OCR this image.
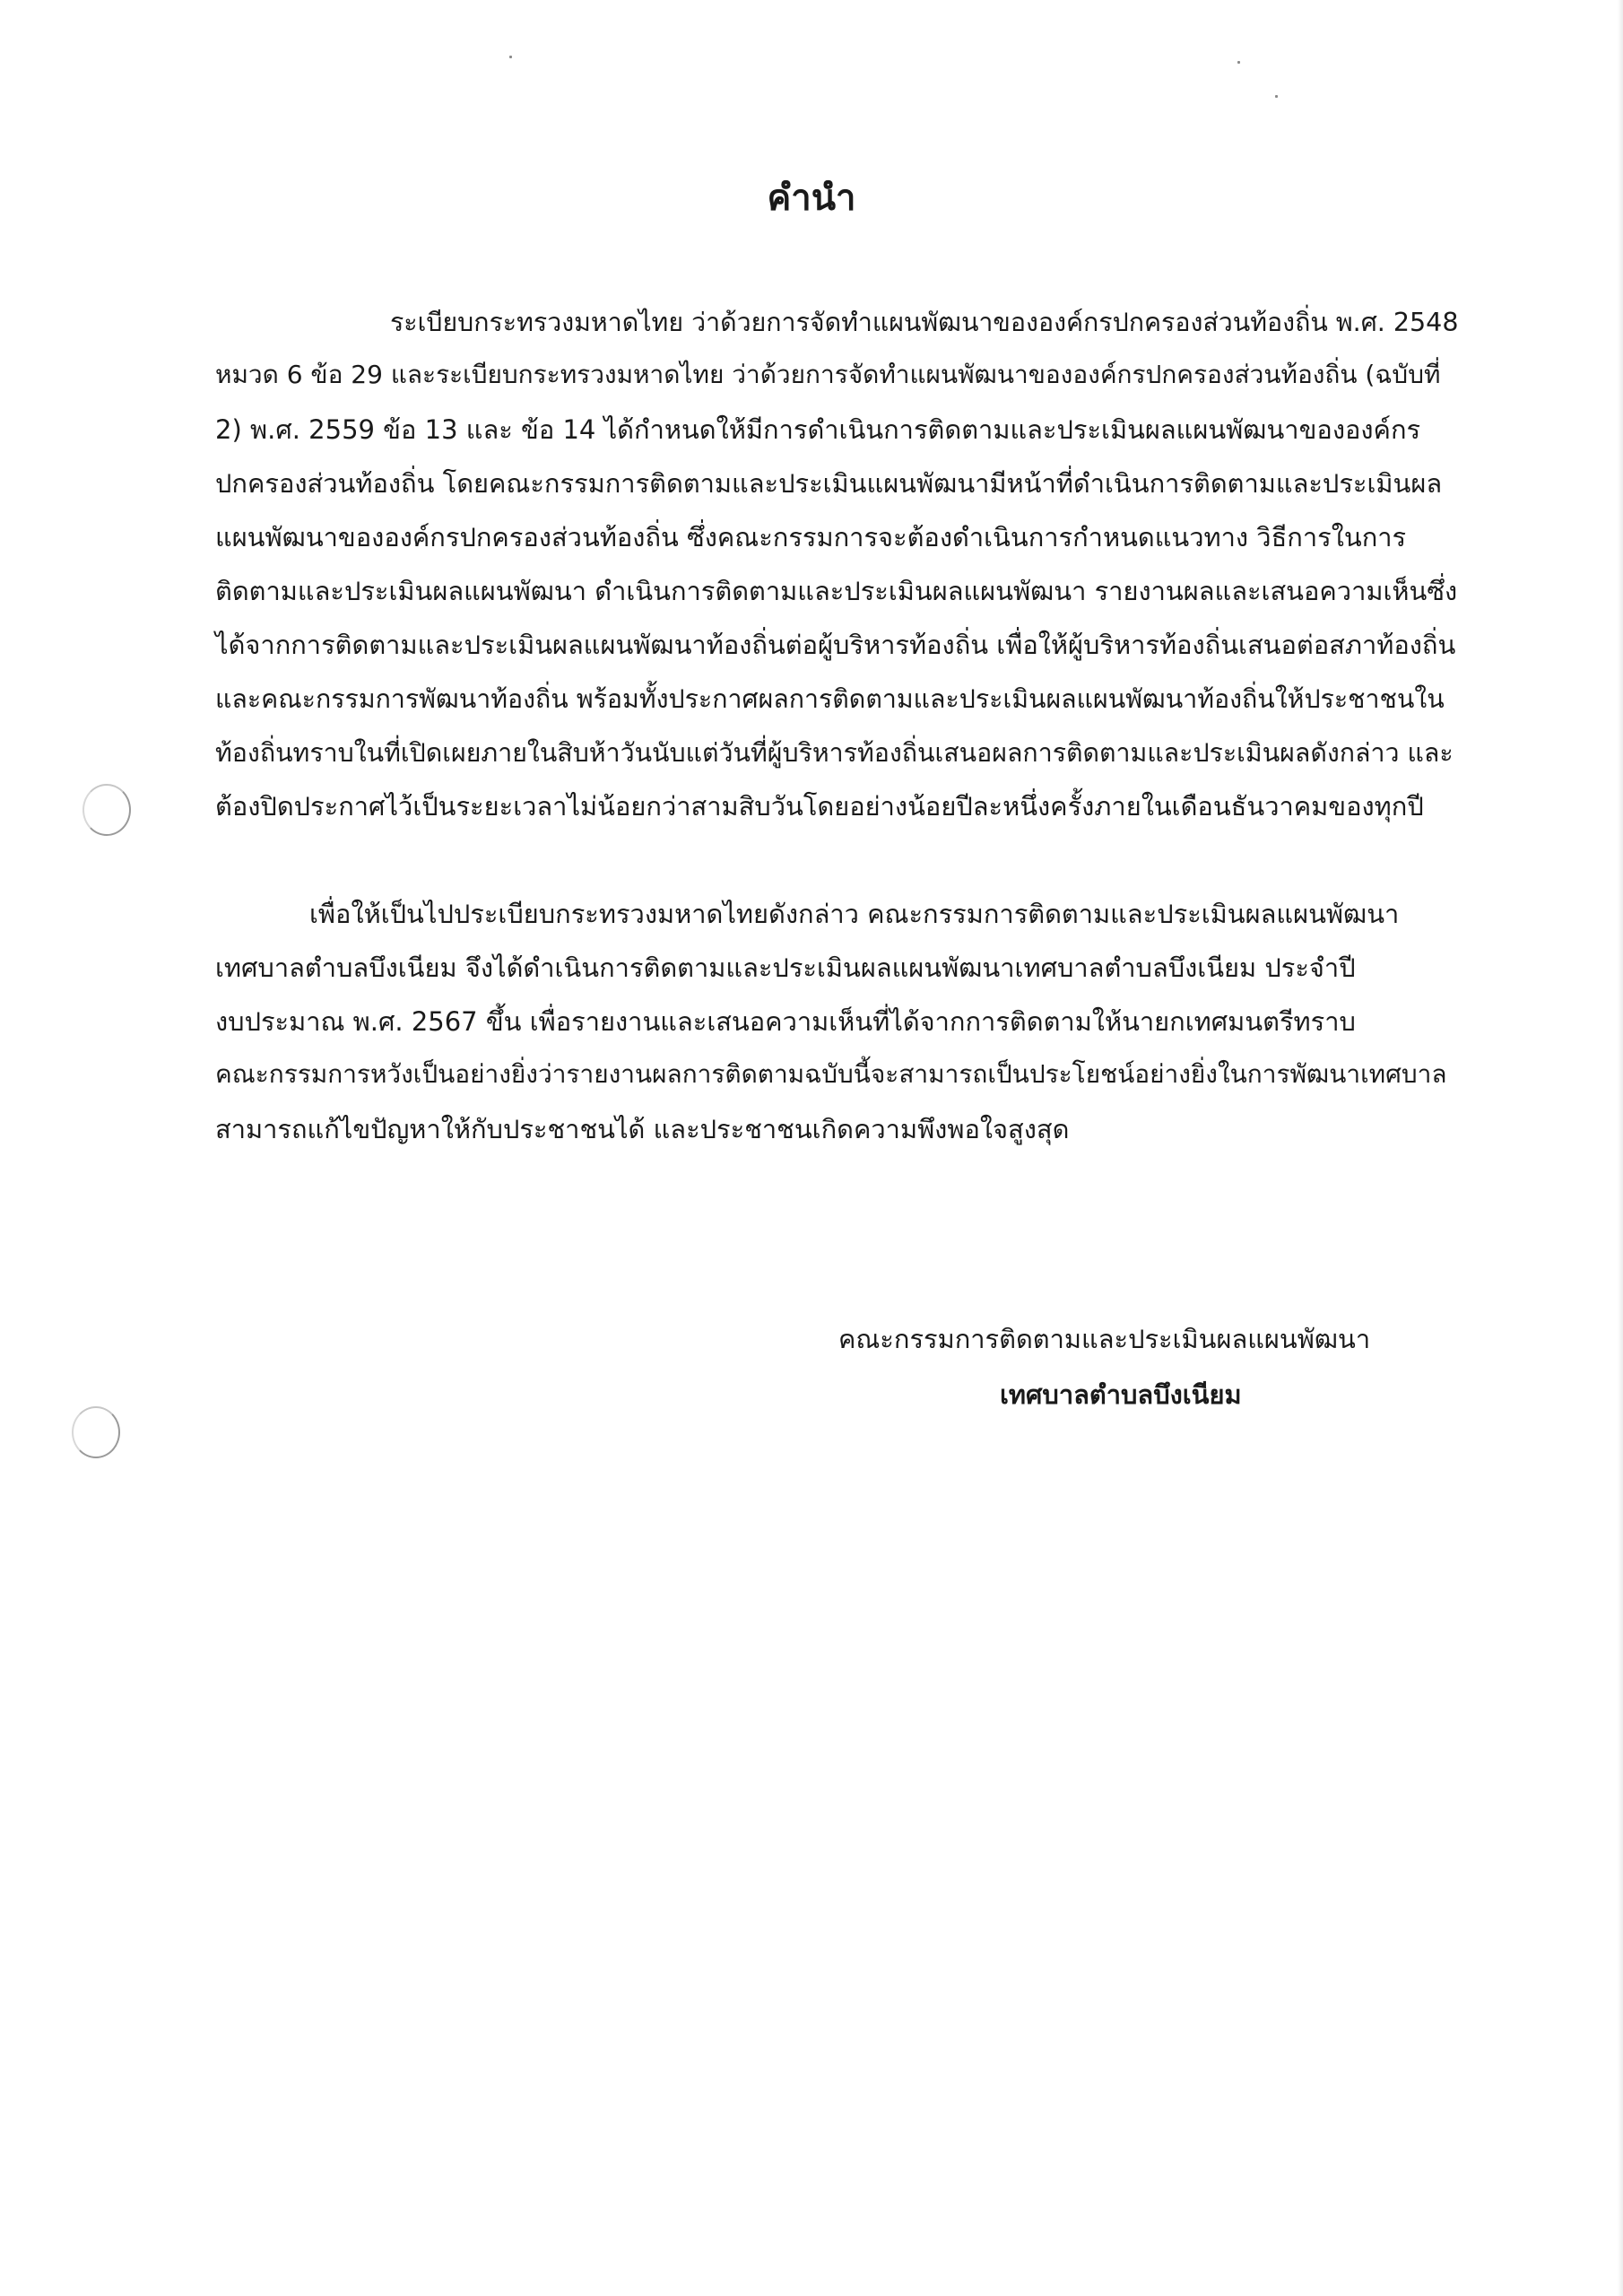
คำนำ
ระเบียบกระทรวงมหาดไทย ว่าด้วยการจัดทำแผนพัฒนาขององค์กรปกครองส่วนท้องถิ่น พ.ศ. 2548
หมวด 6 ข้อ 29 และระเบียบกระทรวงมหาดไทย ว่าด้วยการจัดทำแผนพัฒนาขององค์กรปกครองส่วนท้องถิ่น (ฉบับที่
2) พ.ศ. 2559 ข้อ 13 และ ข้อ 14 ได้กำหนดให้มีการดำเนินการติดตามและประเมินผลแผนพัฒนาขององค์กร
ปกครองส่วนท้องถิ่น โดยคณะกรรมการติดตามและประเมินแผนพัฒนามีหน้าที่ดำเนินการติดตามและประเมินผล
แผนพัฒนาขององค์กรปกครองส่วนท้องถิ่น ซึ่งคณะกรรมการจะต้องดำเนินการกำหนดแนวทาง วิธีการในการ
ติดตามและประเมินผลแผนพัฒนา ดำเนินการติดตามและประเมินผลแผนพัฒนา รายงานผลและเสนอความเห็นซึ่ง
ได้จากการติดตามและประเมินผลแผนพัฒนาท้องถิ่นต่อผู้บริหารท้องถิ่น เพื่อให้ผู้บริหารท้องถิ่นเสนอต่อสภาท้องถิ่น
และคณะกรรมการพัฒนาท้องถิ่น พร้อมทั้งประกาศผลการติดตามและประเมินผลแผนพัฒนาท้องถิ่นให้ประชาชนใน
ท้องถิ่นทราบในที่เปิดเผยภายในสิบห้าวันนับแต่วันที่ผู้บริหารท้องถิ่นเสนอผลการติดตามและประเมินผลดังกล่าว และ
ต้องปิดประกาศไว้เป็นระยะเวลาไม่น้อยกว่าสามสิบวันโดยอย่างน้อยปีละหนึ่งครั้งภายในเดือนธันวาคมของทุกปี
เพื่อให้เป็นไปประเบียบกระทรวงมหาดไทยดังกล่าว คณะกรรมการติดตามและประเมินผลแผนพัฒนา
เทศบาลตำบลบึงเนียม จึงได้ดำเนินการติดตามและประเมินผลแผนพัฒนาเทศบาลตำบลบึงเนียม ประจำปี
งบประมาณ พ.ศ. 2567 ขึ้น เพื่อรายงานและเสนอความเห็นที่ได้จากการติดตามให้นายกเทศมนตรีทราบ
คณะกรรมการหวังเป็นอย่างยิ่งว่ารายงานผลการติดตามฉบับนี้จะสามารถเป็นประโยชน์อย่างยิ่งในการพัฒนาเทศบาล
สามารถแก้ไขปัญหาให้กับประชาชนได้ และประชาชนเกิดความพึงพอใจสูงสุด
คณะกรรมการติดตามและประเมินผลแผนพัฒนา
เทศบาลตำบลบึงเนียม
